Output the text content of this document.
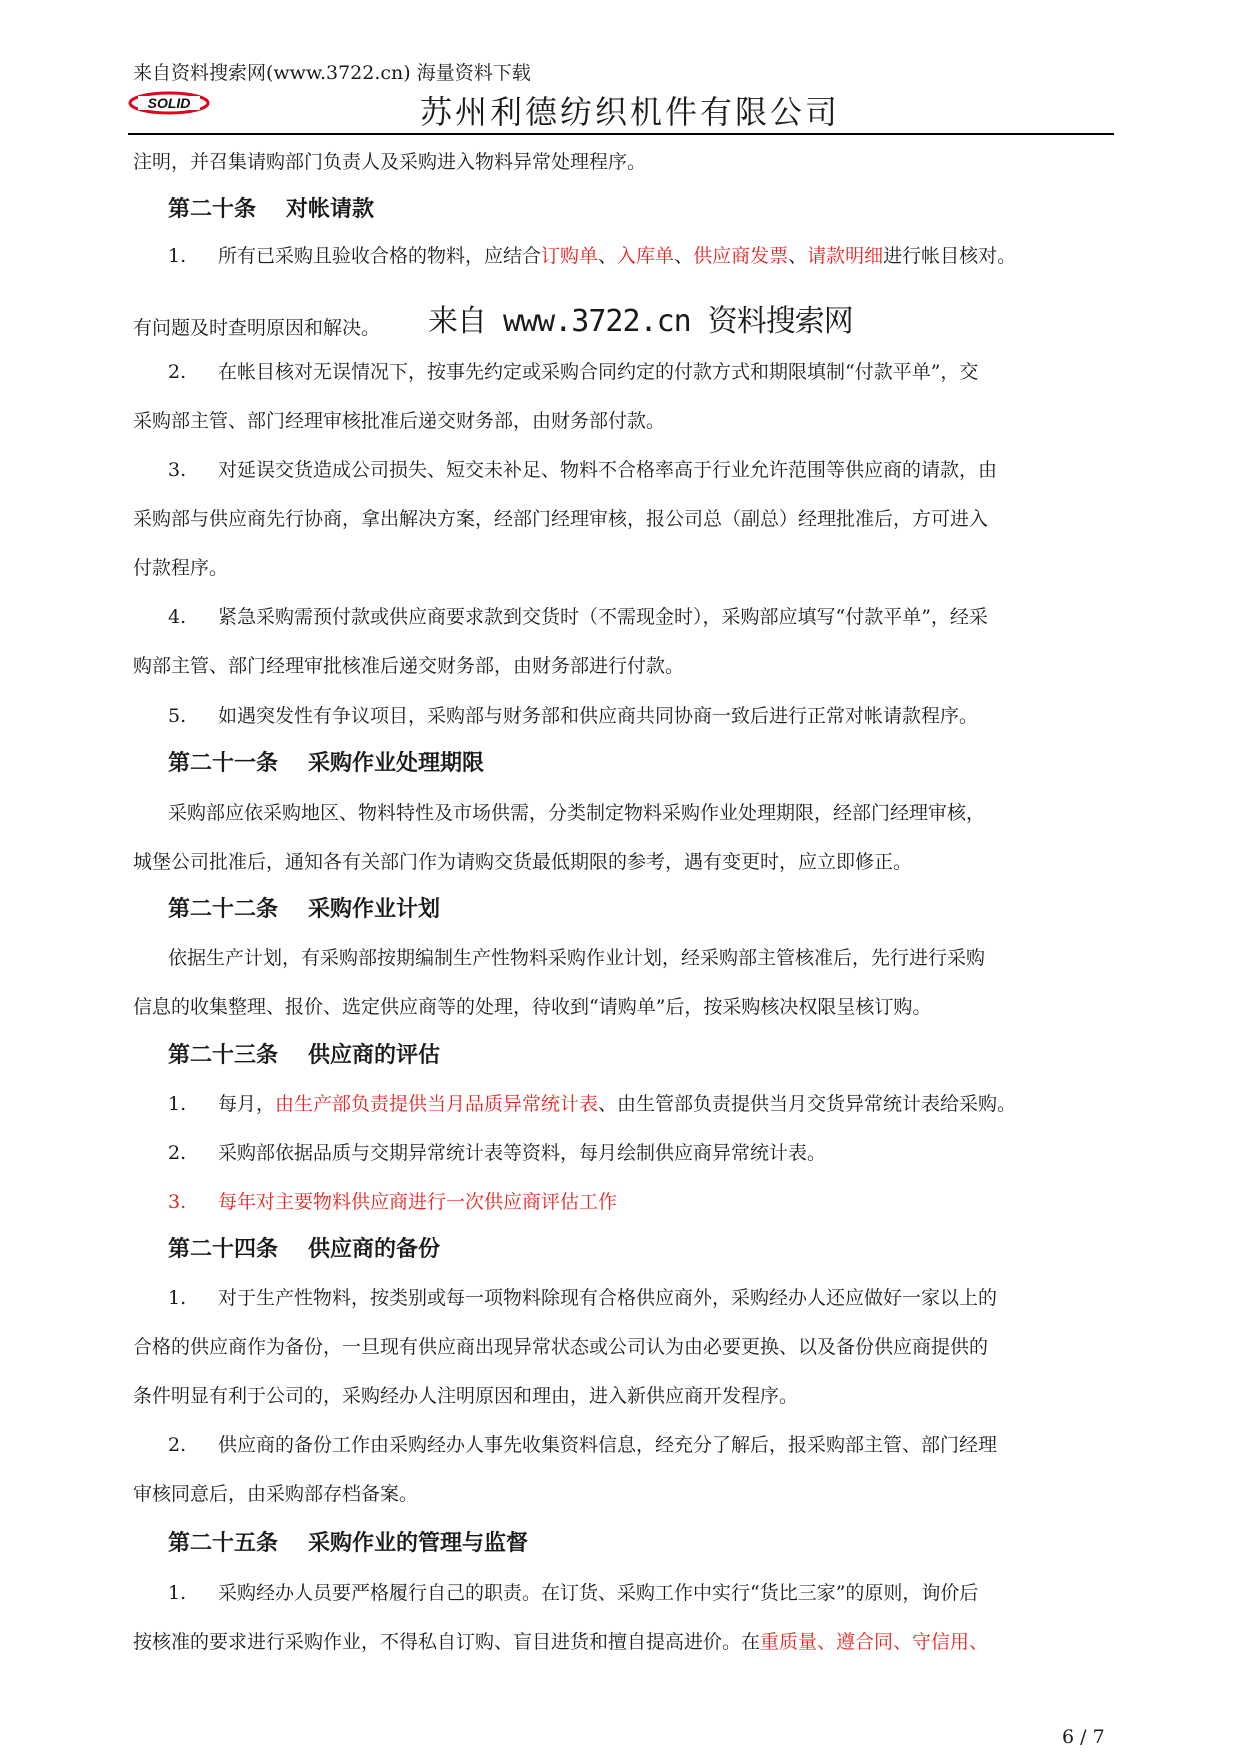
来自资料搜索网(www.3722.cn) 海量资料下载
SOLID	苏州利德纺织机件有限公司
注明，并召集请购部门负责人及采购进入物料异常处理程序。
第二十条 对帐请款
1. 所有已采购且验收合格的物料，应结合订购单、入库单、供应商发票、请款明细进行帐目核对。
有问题及时查明原因和解决。 来自 www.3722.cn 资料搜索网
2. 在帐目核对无误情况下，按事先约定或采购合同约定的付款方式和期限填制“付款平单”，交
采购部主管、部门经理审核批准后递交财务部，由财务部付款。
3. 对延误交货造成公司损失、短交未补足、物料不合格率高于行业允许范围等供应商的请款，由
采购部与供应商先行协商，拿出解决方案，经部门经理审核，报公司总（副总）经理批准后，方可进入
付款程序。
4. 紧急采购需预付款或供应商要求款到交货时（不需现金时），采购部应填写“付款平单”，经采
购部主管、部门经理审批核准后递交财务部，由财务部进行付款。
5. 如遇突发性有争议项目，采购部与财务部和供应商共同协商一致后进行正常对帐请款程序。
第二十一条 采购作业处理期限
采购部应依采购地区、物料特性及市场供需，分类制定物料采购作业处理期限，经部门经理审核，
城堡公司批准后，通知各有关部门作为请购交货最低期限的参考，遇有变更时，应立即修正。
第二十二条 采购作业计划
依据生产计划，有采购部按期编制生产性物料采购作业计划，经采购部主管核准后，先行进行采购
信息的收集整理、报价、选定供应商等的处理，待收到“请购单”后，按采购核决权限呈核订购。
第二十三条 供应商的评估
1. 每月，由生产部负责提供当月品质异常统计表、由生管部负责提供当月交货异常统计表给采购。
2. 采购部依据品质与交期异常统计表等资料，每月绘制供应商异常统计表。
3. 每年对主要物料供应商进行一次供应商评估工作
第二十四条 供应商的备份
1. 对于生产性物料，按类别或每一项物料除现有合格供应商外，采购经办人还应做好一家以上的
合格的供应商作为备份，一旦现有供应商出现异常状态或公司认为由必要更换、以及备份供应商提供的
条件明显有利于公司的，采购经办人注明原因和理由，进入新供应商开发程序。
2. 供应商的备份工作由采购经办人事先收集资料信息，经充分了解后，报采购部主管、部门经理
审核同意后，由采购部存档备案。
第二十五条 采购作业的管理与监督
1. 采购经办人员要严格履行自己的职责。在订货、采购工作中实行“货比三家”的原则，询价后
按核准的要求进行采购作业，不得私自订购、盲目进货和擅自提高进价。在重质量、遵合同、守信用、
6 / 7
